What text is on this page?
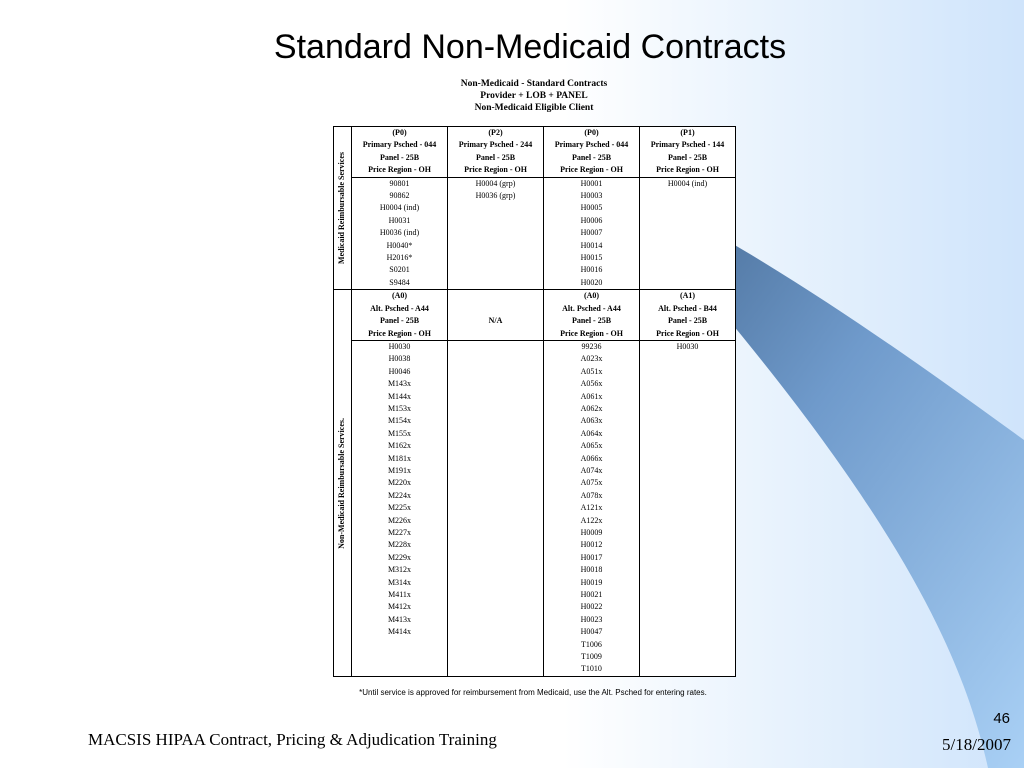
Standard Non-Medicaid Contracts
Non-Medicaid - Standard Contracts
Provider + LOB + PANEL
Non-Medicaid Eligible Client
Medicaid Reimbursable Services	(P0)	(P2)	(P0)	(P1)
	Primary Psched - 044	Primary Psched - 244	Primary Psched - 044	Primary Psched - 144
	Panel - 25B	Panel - 25B	Panel - 25B	Panel - 25B
	Price Region - OH	Price Region - OH	Price Region - OH	Price Region - OH
	90801	H0004 (grp)	H0001	H0004 (ind)
	90862	H0036 (grp)	H0003	
	H0004 (ind)		H0005	
	H0031		H0006	
	H0036 (ind)		H0007	
	H0040*		H0014	
	H2016*		H0015	
	S0201		H0016	
	S9484		H0020	

Non-Medicaid Reimbursable Services.	(A0)		(A0)	(A1)
	Alt. Psched - A44		Alt. Psched - A44	Alt. Psched - B44
	Panel - 25B	N/A	Panel - 25B	Panel - 25B
	Price Region - OH		Price Region - OH	Price Region - OH
	H0030		99236	H0030
	H0038		A023x	
	H0046		A051x	
	M143x		A056x	
	M144x		A061x	
	M153x		A062x	
	M154x		A063x	
	M155x		A064x	
	M162x		A065x	
	M181x		A066x	
	M191x		A074x	
	M220x		A075x	
	M224x		A078x	
	M225x		A121x	
	M226x		A122x	
	M227x		H0009	
	M228x		H0012	
	M229x		H0017	
	M312x		H0018	
	M314x		H0019	
	M411x		H0021	
	M412x		H0022	
	M413x		H0023	
	M414x		H0047	
			T1006	
			T1009	
			T1010	
*Until service is approved for reimbursement from Medicaid, use the Alt. Psched for entering rates.
MACSIS HIPAA Contract, Pricing & Adjudication Training
46
5/18/2007
